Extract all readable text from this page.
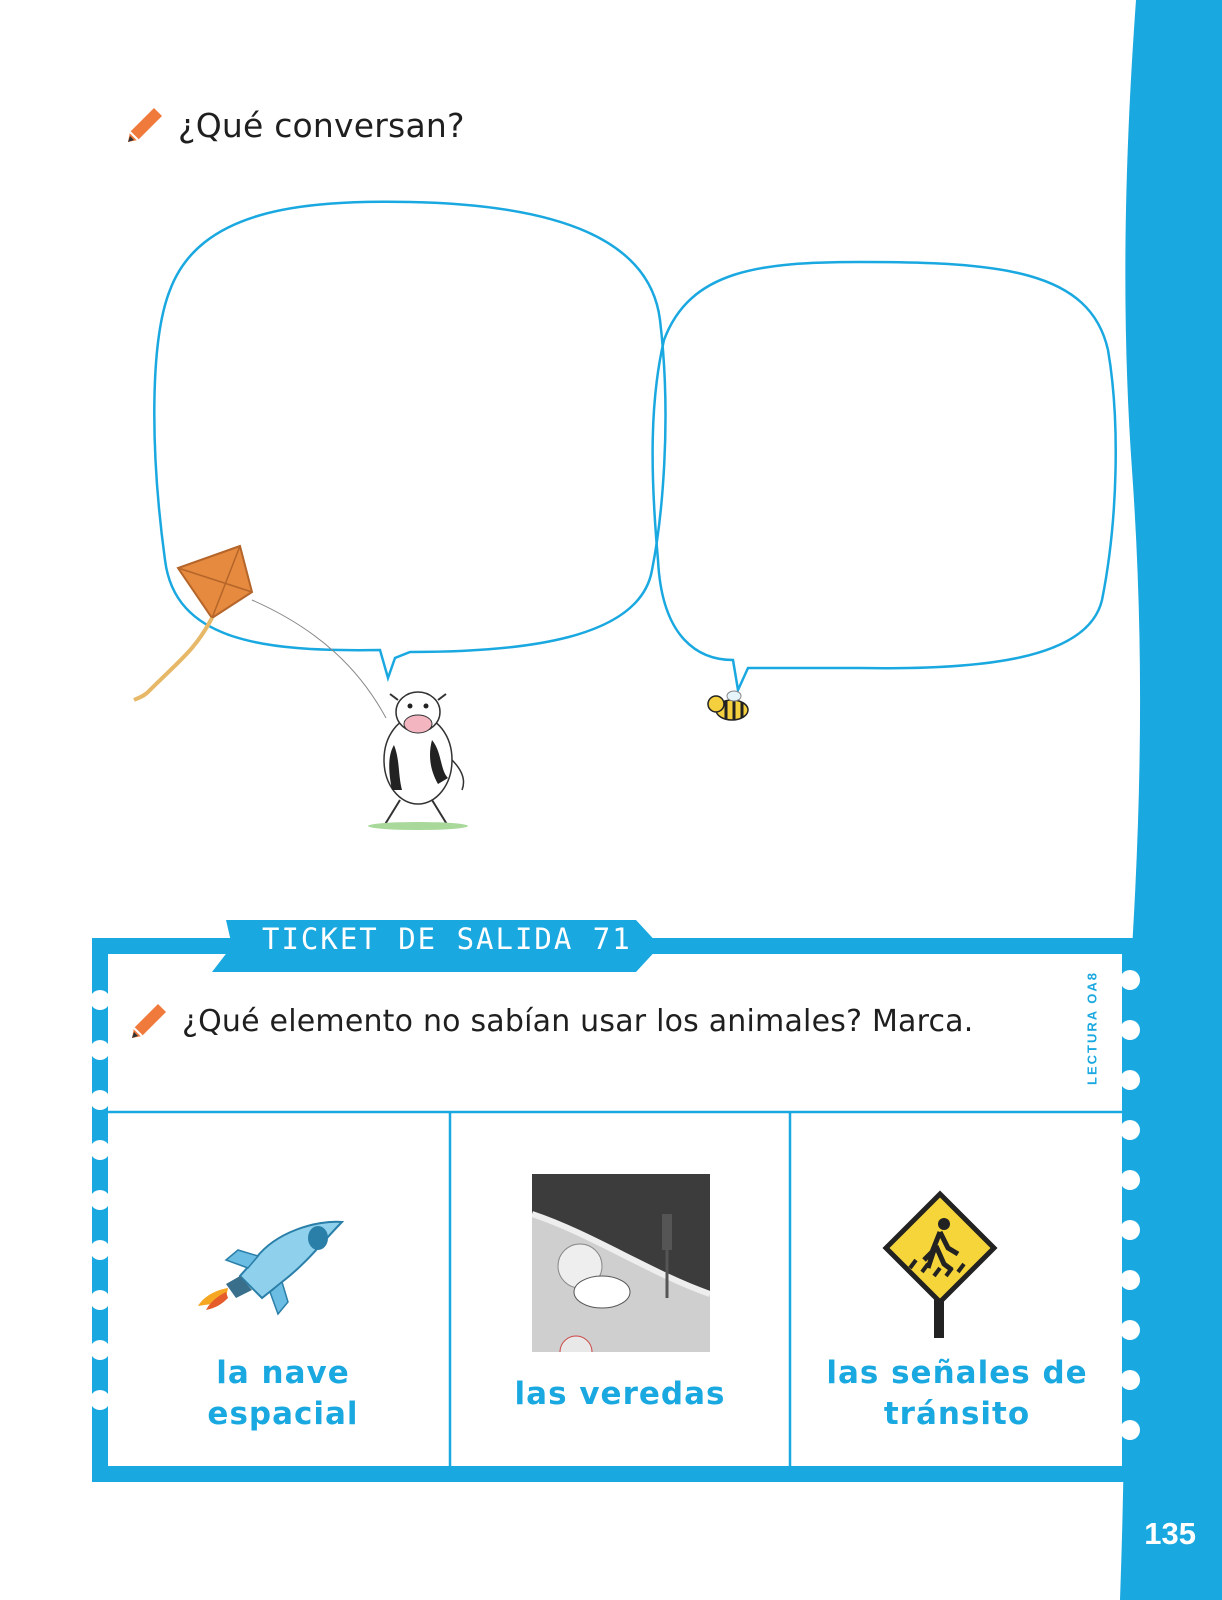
135
¿Qué conversan?
TICKET DE SALIDA 71
LECTURA OA8
¿Qué elemento no sabían usar los animales? Marca.
la nave
espacial
las veredas
las señales de
tránsito
